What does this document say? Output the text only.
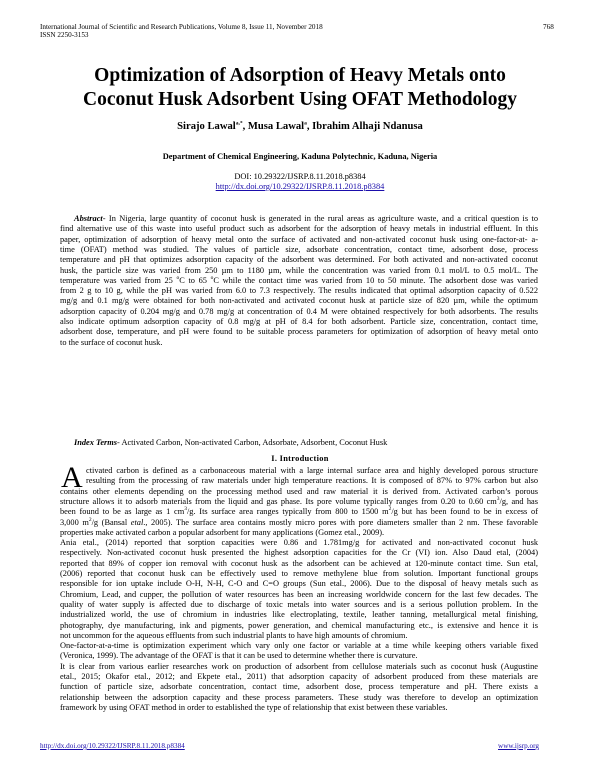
International Journal of Scientific and Research Publications, Volume 8, Issue 11, November 2018
ISSN 2250-3153
768
Optimization of Adsorption of Heavy Metals onto
Coconut Husk Adsorbent Using OFAT Methodology
Sirajo Lawal$^{a,*}$, Musa Lawal$^a$, Ibrahim Alhaji Ndanusa
Department of Chemical Engineering, Kaduna Polytechnic, Kaduna, Nigeria
DOI: 10.29322/IJSRP.8.11.2018.p8384
http://dx.doi.org/10.29322/IJSRP.8.11.2018.p8384
Abstract- In Nigeria, large quantity of coconut husk is generated in the rural areas as agriculture waste, and a critical question is to
find alternative use of this waste into useful product such as adsorbent for the adsorption of heavy metals in industrial effluent. In this
paper, optimization of adsorption of heavy metal onto the surface of activated and non-activated coconut husk using one-factor-at- a-
time (OFAT) method was studied. The values of particle size, adsorbate concentration, contact time, adsorbent dose, process
temperature and pH that optimizes adsorption capacity of the adsorbent was determined. For both activated and non-activated coconut
husk, the particle size was varied from 250 µm to 1180 µm, while the concentration was varied from 0.1 mol/L to 0.5 mol/L. The
temperature was varied from 25 $^o$C to 65 $^o$C while the contact time was varied from 10 to 50 minute. The adsorbent dose was varied
from 2 g to 10 g, while the pH was varied from 6.0 to 7.3 respectively. The results indicated that optimal adsorption capacity of 0.522
mg/g and 0.1 mg/g were obtained for both non-activated and activated coconut husk at particle size of 820 µm, while the optimum
adsorption capacity of 0.204 mg/g and 0.78 mg/g at concentration of 0.4 M were obtained respectively for both adsorbents. The results
also indicate optimum adsorption capacity of 0.8 mg/g at pH of 8.4 for both adsorbent. Particle size, concentration, contact time,
adsorbent dose, temperature, and pH were found to be suitable process parameters for optimization of adsorption of heavy metal onto
to the surface of coconut husk.
Index Terms- Activated Carbon, Non-activated Carbon, Adsorbate, Adsorbent, Coconut Husk
I. Introduction
A ctivated carbon is defined as a carbonaceous material with a large internal surface area and highly developed porous structure
resulting from the processing of raw materials under high temperature reactions. It is composed of 87% to 97% carbon but also
contains other elements depending on the processing method used and raw material it is derived from. Activated carbon’s porous
structure allows it to adsorb materials from the liquid and gas phase. Its pore volume typically ranges from 0.20 to 0.60 $cm^3/g$, and has
been found to be as large as 1 $cm^3/g$. Its surface area ranges typically from 800 to 1500 $m^2/g$ but has been found to be in excess of
3,000 $m^2/g$ (Bansal etal., 2005). The surface area contains mostly micro pores with pore diameters smaller than 2 nm. These favorable
properties make activated carbon a popular adsorbent for many applications (Gomez etal., 2009).
Ania etal., (2014) reported that sorption capacities were 0.86 and 1.781mg/g for activated and non-activated coconut husk
respectively. Non-activated coconut husk presented the highest adsorption capacities for the Cr (VI) ion. Also Daud etal, (2004)
reported that 89% of copper ion removal with coconut husk as the adsorbent can be achieved at 120-minute contact time. Sun etal,
(2006) reported that coconut husk can be effectively used to remove methylene blue from solution. Important functional groups
responsible for ion uptake include O-H, N-H, C-O and C=O groups (Sun etal., 2006). Due to the disposal of heavy metals such as
Chromium, Lead, and cupper, the pollution of water resources has been an increasing worldwide concern for the last few decades. The
quality of water supply is affected due to discharge of toxic metals into water sources and is a serious pollution problem. In the
industrialized world, the use of chromium in industries like electroplating, textile, leather tanning, metallurgical metal finishing,
photography, dye manufacturing, ink and pigments, power generation, and chemical manufacturing etc., is extensive and hence it is
not uncommon for the aqueous effluents from such industrial plants to have high amounts of chromium.
One-factor-at-a-time is optimization experiment which vary only one factor or variable at a time while keeping others variable fixed
(Veronica, 1999). The advantage of the OFAT is that it can be used to determine whether there is curvature.
It is clear from various earlier researches work on production of adsorbent from cellulose materials such as coconut husk (Augustine
etal., 2015; Okafor etal., 2012; and Ekpete etal., 2011) that adsorption capacity of adsorbent produced from these materials are
function of particle size, adsorbate concentration, contact time, adsorbent dose, process temperature and pH. There exists a
relationship between the adsorption capacity and these process parameters. These study was therefore to develop an optimization
framework by using OFAT method in order to established the type of relationship that exist between these variables.
http://dx.doi.org/10.29322/IJSRP.8.11.2018.p8384	www.ijsrp.org
